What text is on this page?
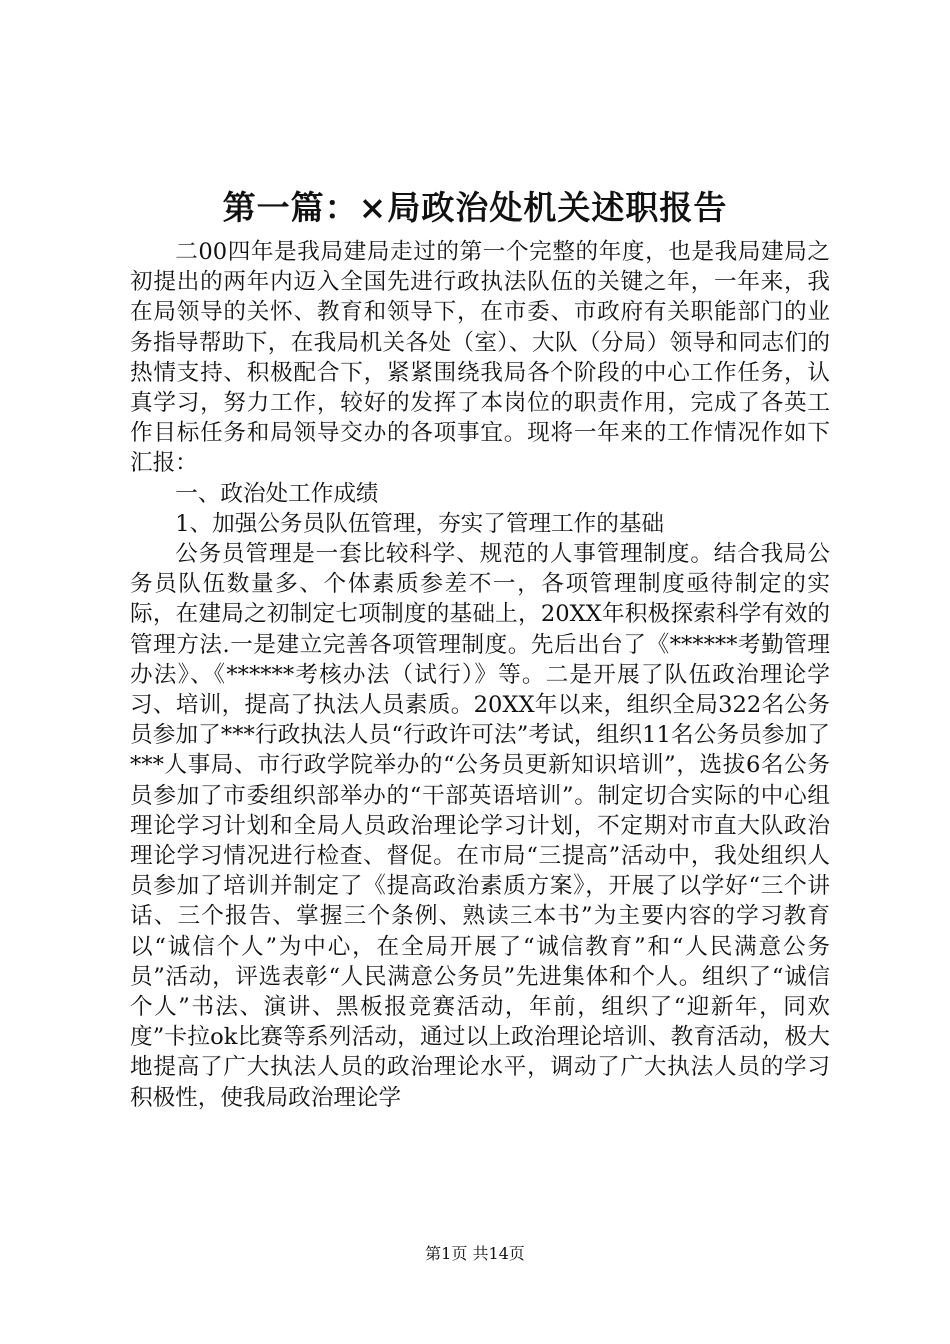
第一篇：×局政治处机关述职报告

二00四年是我局建局走过的第一个完整的年度，也是我局建局之初提出的两年内迈入全国先进行政执法队伍的关键之年，一年来，我在局领导的关怀、教育和领导下，在市委、市政府有关职能部门的业务指导帮助下，在我局机关各处（室）、大队（分局）领导和同志们的热情支持、积极配合下，紧紧围绕我局各个阶段的中心工作任务，认真学习，努力工作，较好的发挥了本岗位的职责作用，完成了各英工作目标任务和局领导交办的各项事宜。现将一年来的工作情况作如下汇报：

一、政治处工作成绩

1、加强公务员队伍管理，夯实了管理工作的基础

公务员管理是一套比较科学、规范的人事管理制度。结合我局公务员队伍数量多、个体素质参差不一，各项管理制度亟待制定的实际，在建局之初制定七项制度的基础上，20XX年积极探索科学有效的管理方法.一是建立完善各项管理制度。先后出台了《******考勤管理办法》、《******考核办法（试行）》等。二是开展了队伍政治理论学习、培训，提高了执法人员素质。20XX年以来，组织全局322名公务员参加了***行政执法人员“行政许可法”考试，组织11名公务员参加了***人事局、市行政学院举办的“公务员更新知识培训”，选拔6名公务员参加了市委组织部举办的“干部英语培训”。制定切合实际的中心组理论学习计划和全局人员政治理论学习计划，不定期对市直大队政治理论学习情况进行检查、督促。在市局“三提高”活动中，我处组织人员参加了培训并制定了《提高政治素质方案》，开展了以学好“三个讲话、三个报告、掌握三个条例、熟读三本书”为主要内容的学习教育以“诚信个人”为中心，在全局开展了“诚信教育”和“人民满意公务员”活动，评选表彰“人民满意公务员”先进集体和个人。组织了“诚信个人”书法、演讲、黑板报竞赛活动，年前，组织了“迎新年，同欢度”卡拉ok比赛等系列活动，通过以上政治理论培训、教育活动，极大地提高了广大执法人员的政治理论水平，调动了广大执法人员的学习积极性，使我局政治理论学

第1页 共14页
